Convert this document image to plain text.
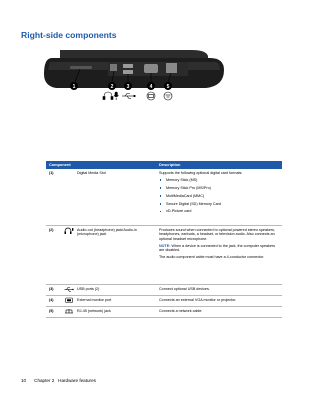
Right-side components
1	2	3	4	5
Component	Description
(1)	Digital Media Slot	Supports the following optional digital card formats:

Memory Stick (MS)
Memory Stick Pro (MS/Pro)
MultiMediaCard (MMC)
Secure Digital (SD) Memory Card
xD-Picture card
(2)	Audio-out (headphone) jack/Audio-in (microphone) jack

Produces sound when connected to optional powered stereo speakers, headphones, earbuds, a headset, or television audio. Also connects an optional headset microphone.

NOTE: When a device is connected to the jack, the computer speakers are disabled.

The audio component cable must have a 4-conductor connector.

(3)	USB ports (2)	Connect optional USB devices.
(4)	External monitor port	Connects an external VGA monitor or projector.
(5)	RJ-45 (network) jack	Connects a network cable.
10 Chapter 2   Hardware features
